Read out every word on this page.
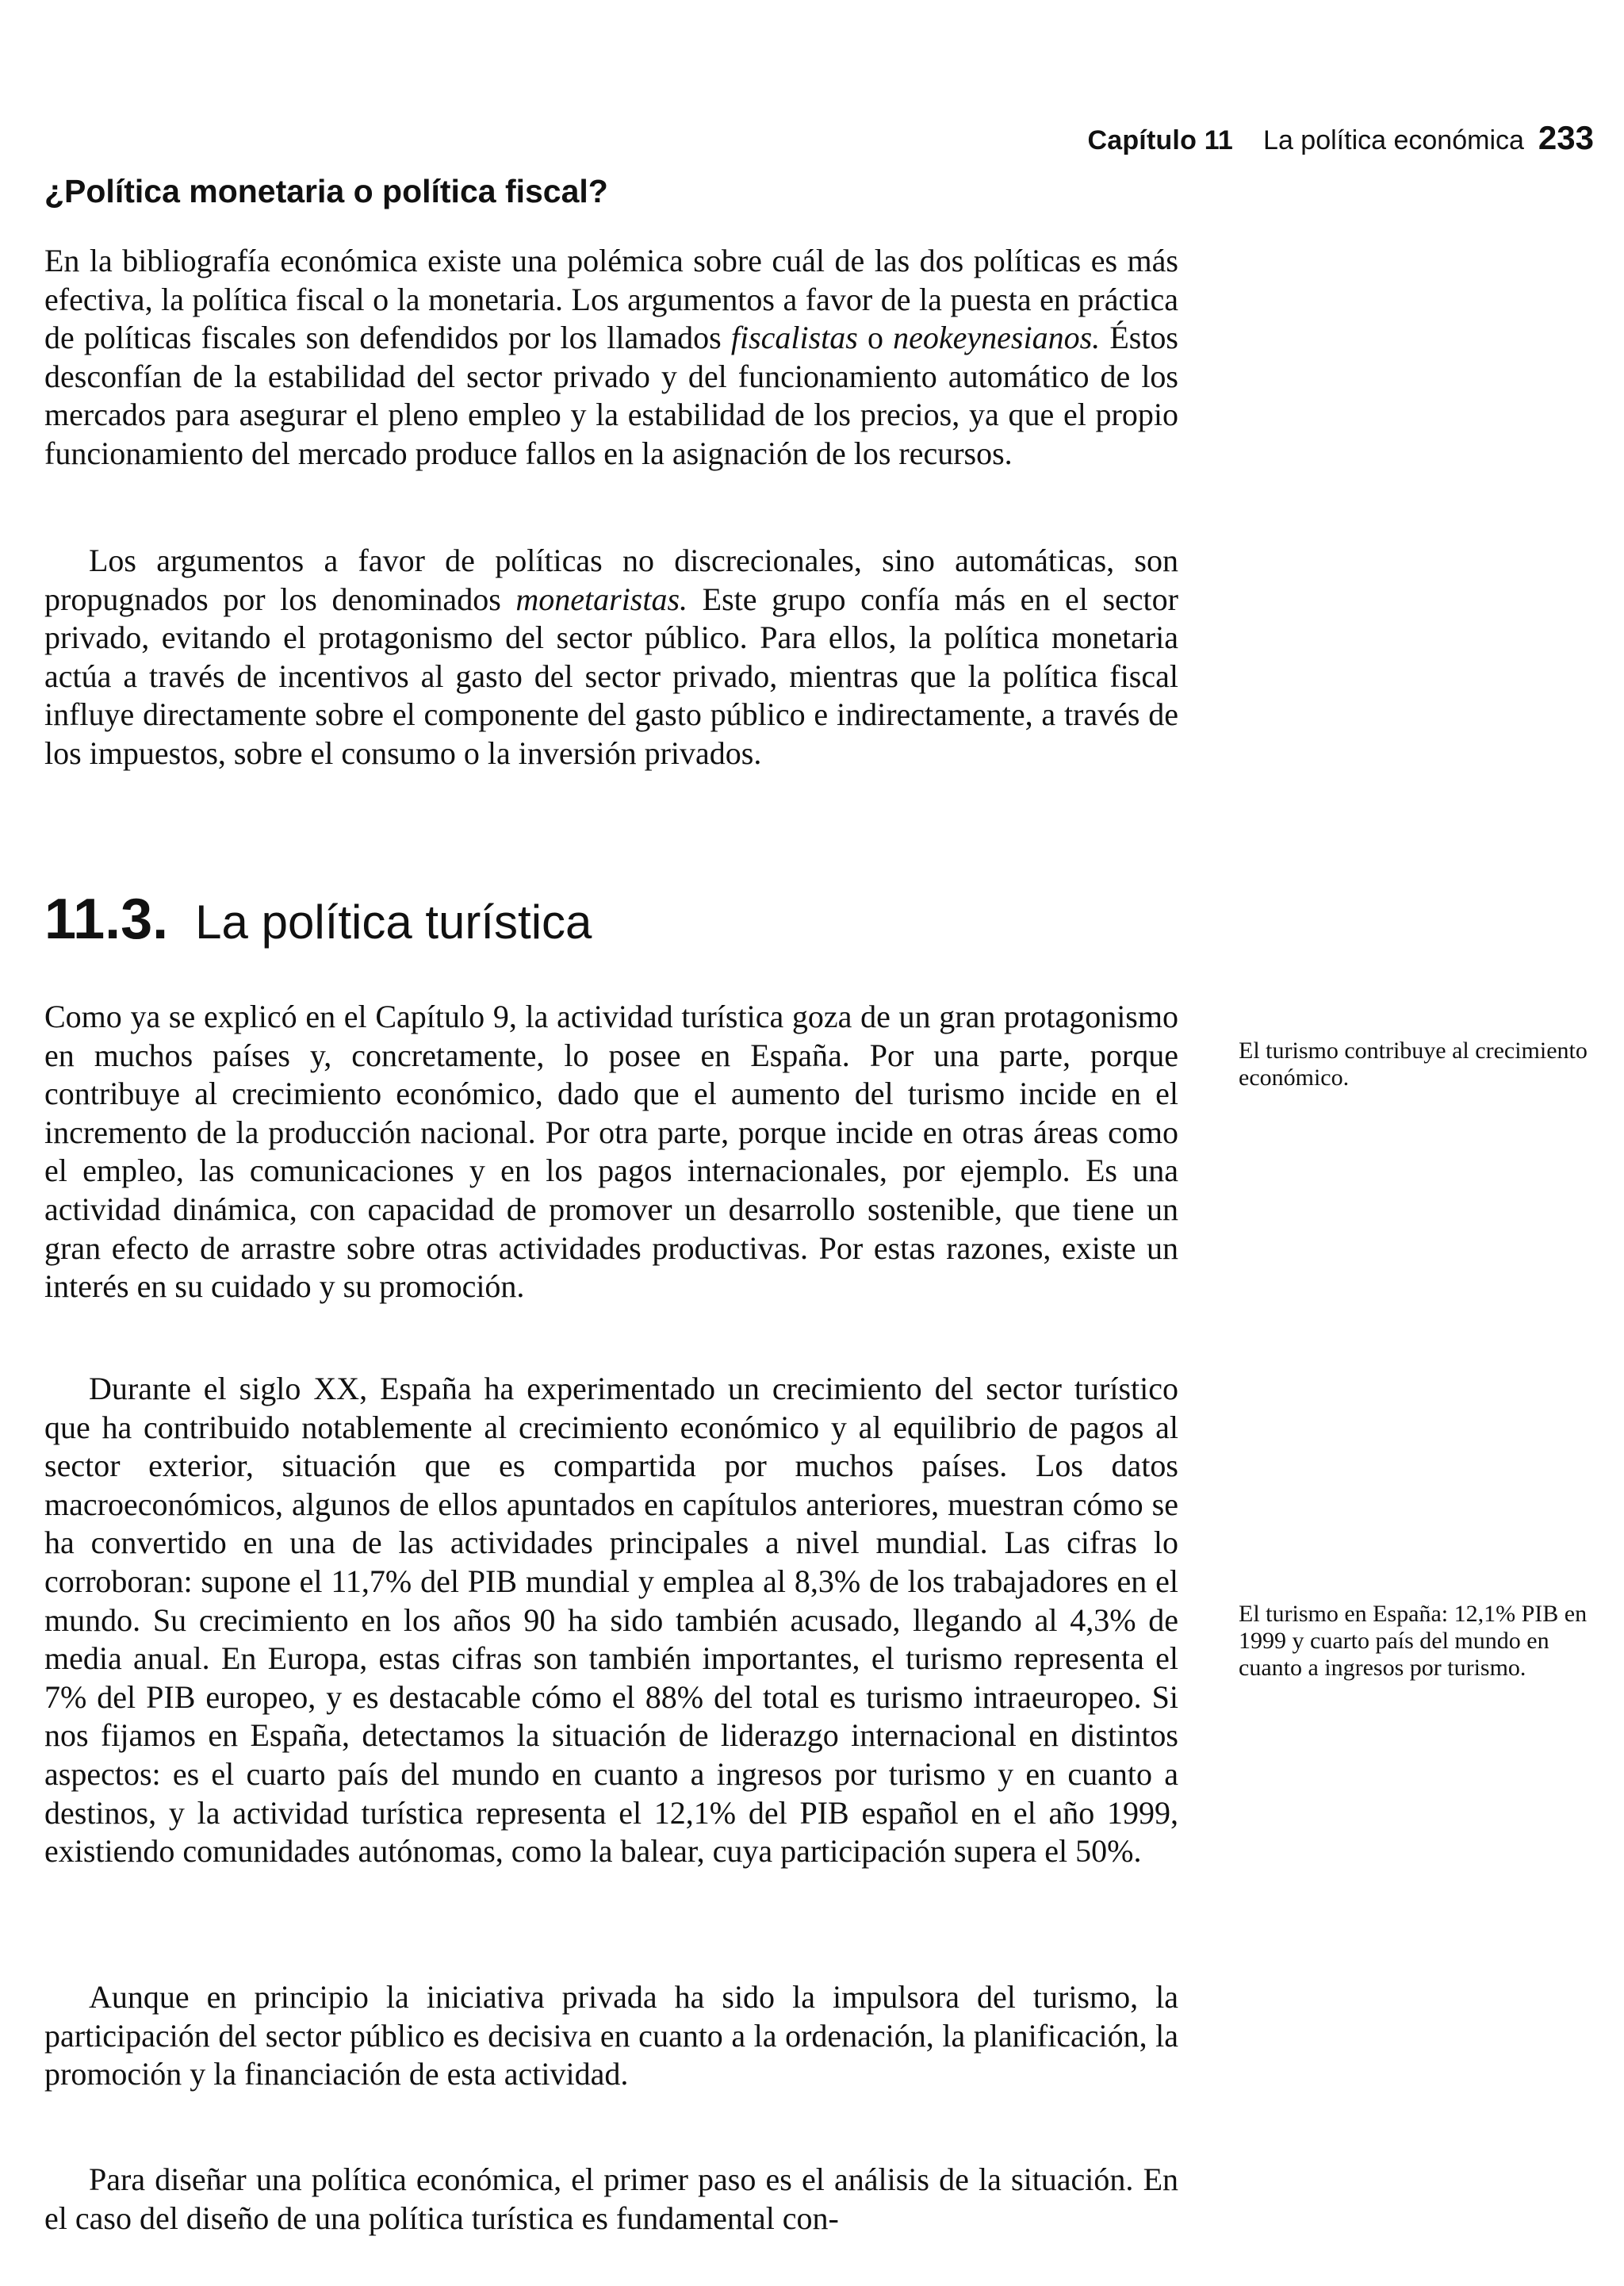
Capítulo 11 La política económica 233
¿Política monetaria o política fiscal?

En la bibliografía económica existe una polémica sobre cuál de las dos políticas es más efectiva, la política fiscal o la monetaria. Los argumentos a favor de la puesta en práctica de políticas fiscales son defendidos por los llamados fiscalistas o neokeynesianos. Éstos desconfían de la estabilidad del sector privado y del funcionamiento automático de los mercados para asegurar el pleno empleo y la estabilidad de los precios, ya que el propio funcionamiento del mercado produce fallos en la asignación de los recursos.

Los argumentos a favor de políticas no discrecionales, sino automáticas, son propugnados por los denominados monetaristas. Este grupo confía más en el sector privado, evitando el protagonismo del sector público. Para ellos, la política monetaria actúa a través de incentivos al gasto del sector privado, mientras que la política fiscal influye directamente sobre el componente del gasto público e indirectamente, a través de los impuestos, sobre el consumo o la inversión privados.

11.3. La política turística

Como ya se explicó en el Capítulo 9, la actividad turística goza de un gran protagonismo en muchos países y, concretamente, lo posee en España. Por una parte, porque contribuye al crecimiento económico, dado que el aumento del turismo incide en el incremento de la producción nacional. Por otra parte, porque incide en otras áreas como el empleo, las comunicaciones y en los pagos internacionales, por ejemplo. Es una actividad dinámica, con capacidad de promover un desarrollo sostenible, que tiene un gran efecto de arrastre sobre otras actividades productivas. Por estas razones, existe un interés en su cuidado y su promoción.

El turismo contribuye al crecimiento económico.

Durante el siglo XX, España ha experimentado un crecimiento del sector turístico que ha contribuido notablemente al crecimiento económico y al equilibrio de pagos al sector exterior, situación que es compartida por muchos países. Los datos macroeconómicos, algunos de ellos apuntados en capítulos anteriores, muestran cómo se ha convertido en una de las actividades principales a nivel mundial. Las cifras lo corroboran: supone el 11,7% del PIB mundial y emplea al 8,3% de los trabajadores en el mundo. Su crecimiento en los años 90 ha sido también acusado, llegando al 4,3% de media anual. En Europa, estas cifras son también importantes, el turismo representa el 7% del PIB europeo, y es destacable cómo el 88% del total es turismo intraeuropeo. Si nos fijamos en España, detectamos la situación de liderazgo internacional en distintos aspectos: es el cuarto país del mundo en cuanto a ingresos por turismo y en cuanto a destinos, y la actividad turística representa el 12,1% del PIB español en el año 1999, existiendo comunidades autónomas, como la balear, cuya participación supera el 50%.

El turismo en España: 12,1% PIB en 1999 y cuarto país del mundo en cuanto a ingresos por turismo.

Aunque en principio la iniciativa privada ha sido la impulsora del turismo, la participación del sector público es decisiva en cuanto a la ordenación, la planificación, la promoción y la financiación de esta actividad.

Para diseñar una política económica, el primer paso es el análisis de la situación. En el caso del diseño de una política turística es fundamental con-
